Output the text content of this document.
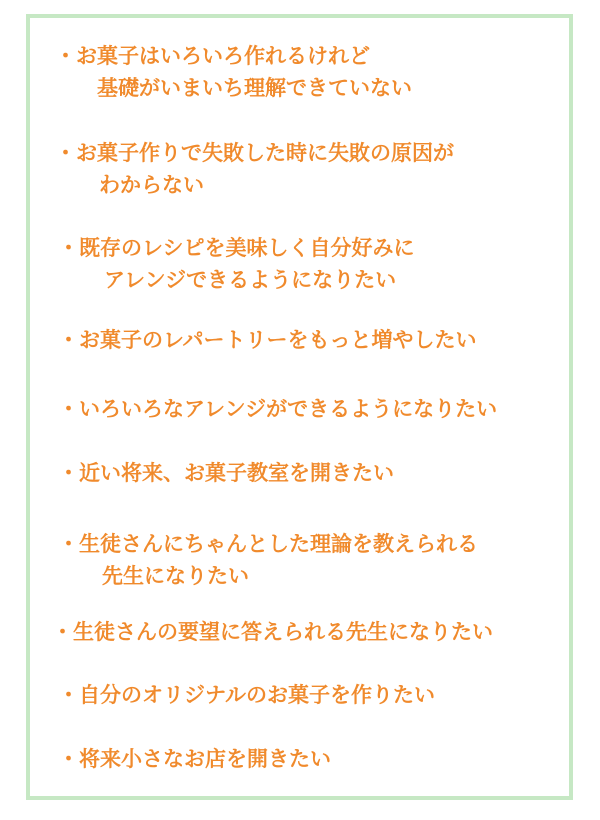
・お菓子はいろいろ作れるけれど
基礎がいまいち理解できていない
・お菓子作りで失敗した時に失敗の原因が
わからない
・既存のレシピを美味しく自分好みに
アレンジできるようになりたい
・お菓子のレパートリーをもっと増やしたい
・いろいろなアレンジができるようになりたい
・近い将来、お菓子教室を開きたい
・生徒さんにちゃんとした理論を教えられる
先生になりたい
・生徒さんの要望に答えられる先生になりたい
・自分のオリジナルのお菓子を作りたい
・将来小さなお店を開きたい
